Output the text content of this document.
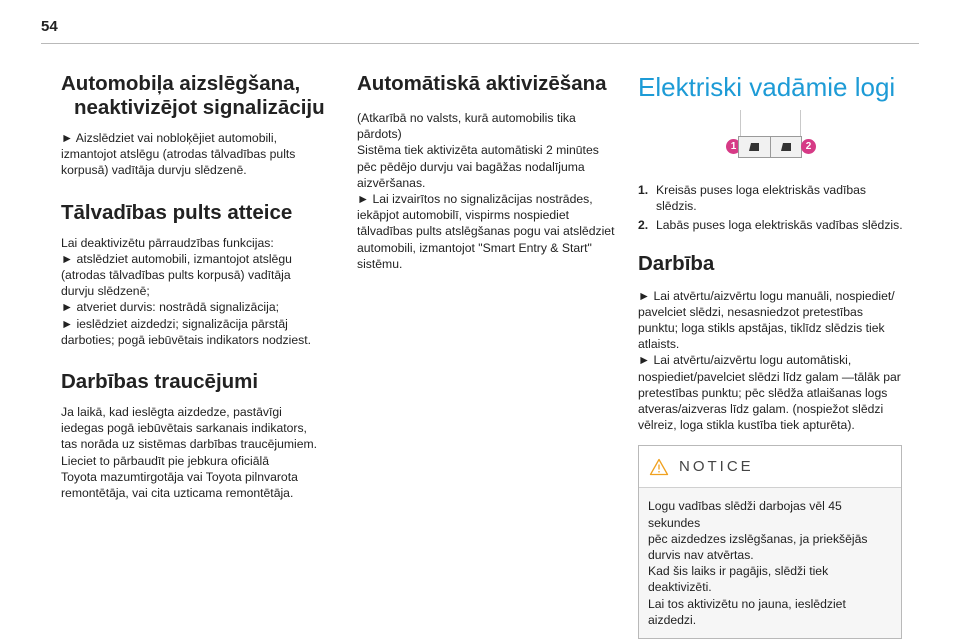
54
Automobiļa aizslēgšana,
neaktivizējot signalizāciju

► Aizslēdziet vai nobloķējiet automobili,
izmantojot atslēgu (atrodas tālvadības pults
korpusā) vadītāja durvju slēdzenē.

Tālvadības pults atteice

Lai deaktivizētu pārraudzības funkcijas:
► atslēdziet automobili, izmantojot atslēgu
(atrodas tālvadības pults korpusā) vadītāja
durvju slēdzenē;
► atveriet durvis: nostrādā signalizācija;
► ieslēdziet aizdedzi; signalizācija pārstāj
darboties; pogā iebūvētais indikators nodziest.

Darbības traucējumi

Ja laikā, kad ieslēgta aizdedze, pastāvīgi
iedegas pogā iebūvētais sarkanais indikators,
tas norāda uz sistēmas darbības traucējumiem.
Lieciet to pārbaudīt pie jebkura oficiālā
Toyota mazumtirgotāja vai Toyota pilnvarota
remontētāja, vai cita uzticama remontētāja.

Automātiskā aktivizēšana

(Atkarībā no valsts, kurā automobilis tika
pārdots)
Sistēma tiek aktivizēta automātiski 2 minūtes
pēc pēdējo durvju vai bagāžas nodalījuma
aizvēršanas.
► Lai izvairītos no signalizācijas nostrādes,
iekāpjot automobilī, vispirms nospiediet
tālvadības pults atslēgšanas pogu vai atslēdziet
automobili, izmantojot "Smart Entry & Start"
sistēmu.

Elektriski vadāmie logi
1	2
1. Kreisās puses loga elektriskās vadības
slēdzis.
2. Labās puses loga elektriskās vadības slēdzis.
Darbība

► Lai atvērtu/aizvērtu logu manuāli, nospiediet/
pavelciet slēdzi, nesasniedzot pretestības
punktu; loga stikls apstājas, tiklīdz slēdzis tiek
atlaists.
► Lai atvērtu/aizvērtu logu automātiski,
nospiediet/pavelciet slēdzi līdz galam —tālāk par
pretestības punktu; pēc slēdža atlaišanas logs
atveras/aizveras līdz galam. (nospiežot slēdzi
vēlreiz, loga stikla kustība tiek apturēta).

NOTICE

Logu vadības slēdži darbojas vēl 45 sekundes
pēc aizdedzes izslēgšanas, ja priekšējās
durvis nav atvērtas.
Kad šis laiks ir pagājis, slēdži tiek deaktivizēti.
Lai tos aktivizētu no jauna, ieslēdziet
aizdedzi.
